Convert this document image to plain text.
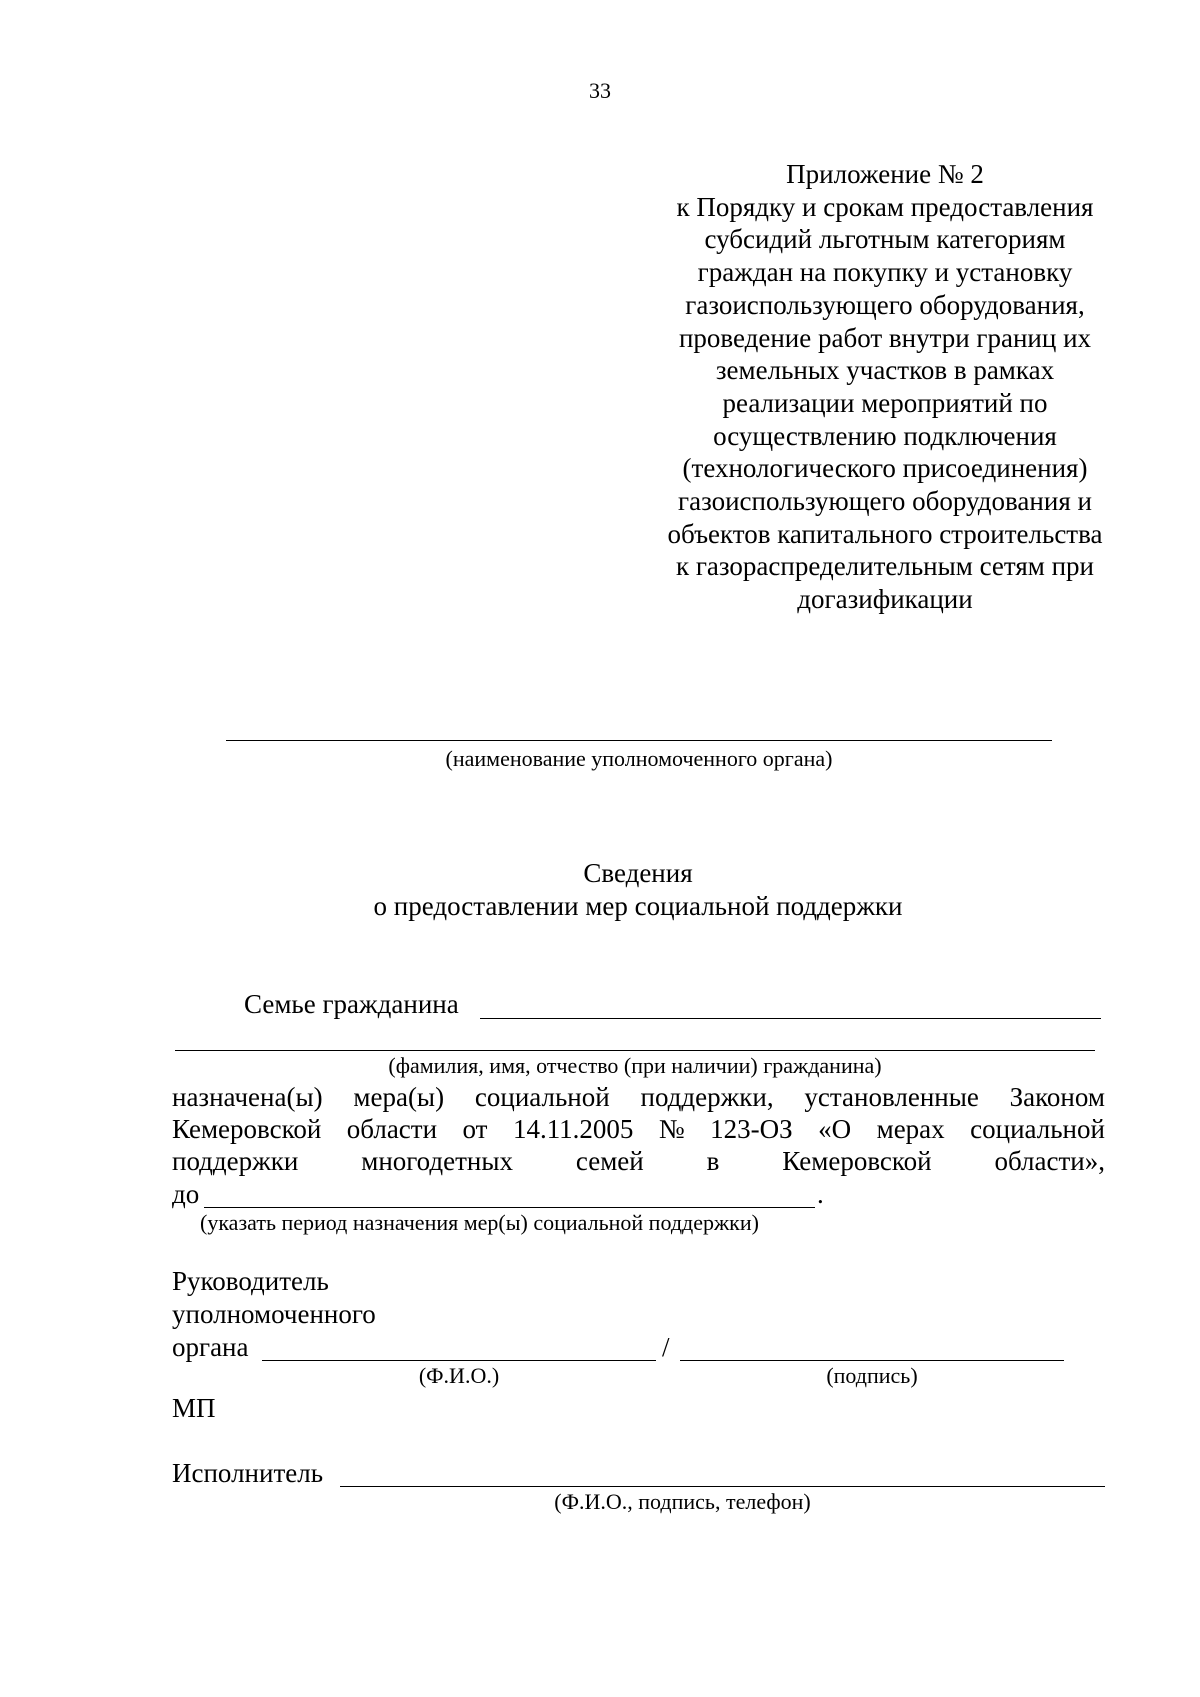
33
Приложение № 2
к Порядку и срокам предоставления
субсидий льготным категориям
граждан на покупку и установку
газоиспользующего оборудования,
проведение работ внутри границ их
земельных участков в рамках
реализации мероприятий по
осуществлению подключения
(технологического присоединения)
газоиспользующего оборудования и
объектов капитального строительства
к газораспределительным сетям при
догазификации
(наименование уполномоченного органа)
Сведения
о предоставлении мер социальной поддержки
Семье гражданина
(фамилия, имя, отчество (при наличии) гражданина)
назначена(ы) мера(ы) социальной поддержки, установленные Законом
Кемеровской области от 14.11.2005 № 123-ОЗ «О мерах социальной
поддержки многодетных семей в Кемеровской области»,
до	.
(указать период назначения мер(ы) социальной поддержки)
Руководитель
уполномоченного
органа	/
(Ф.И.О.)	(подпись)
МП
Исполнитель
(Ф.И.О., подпись, телефон)
